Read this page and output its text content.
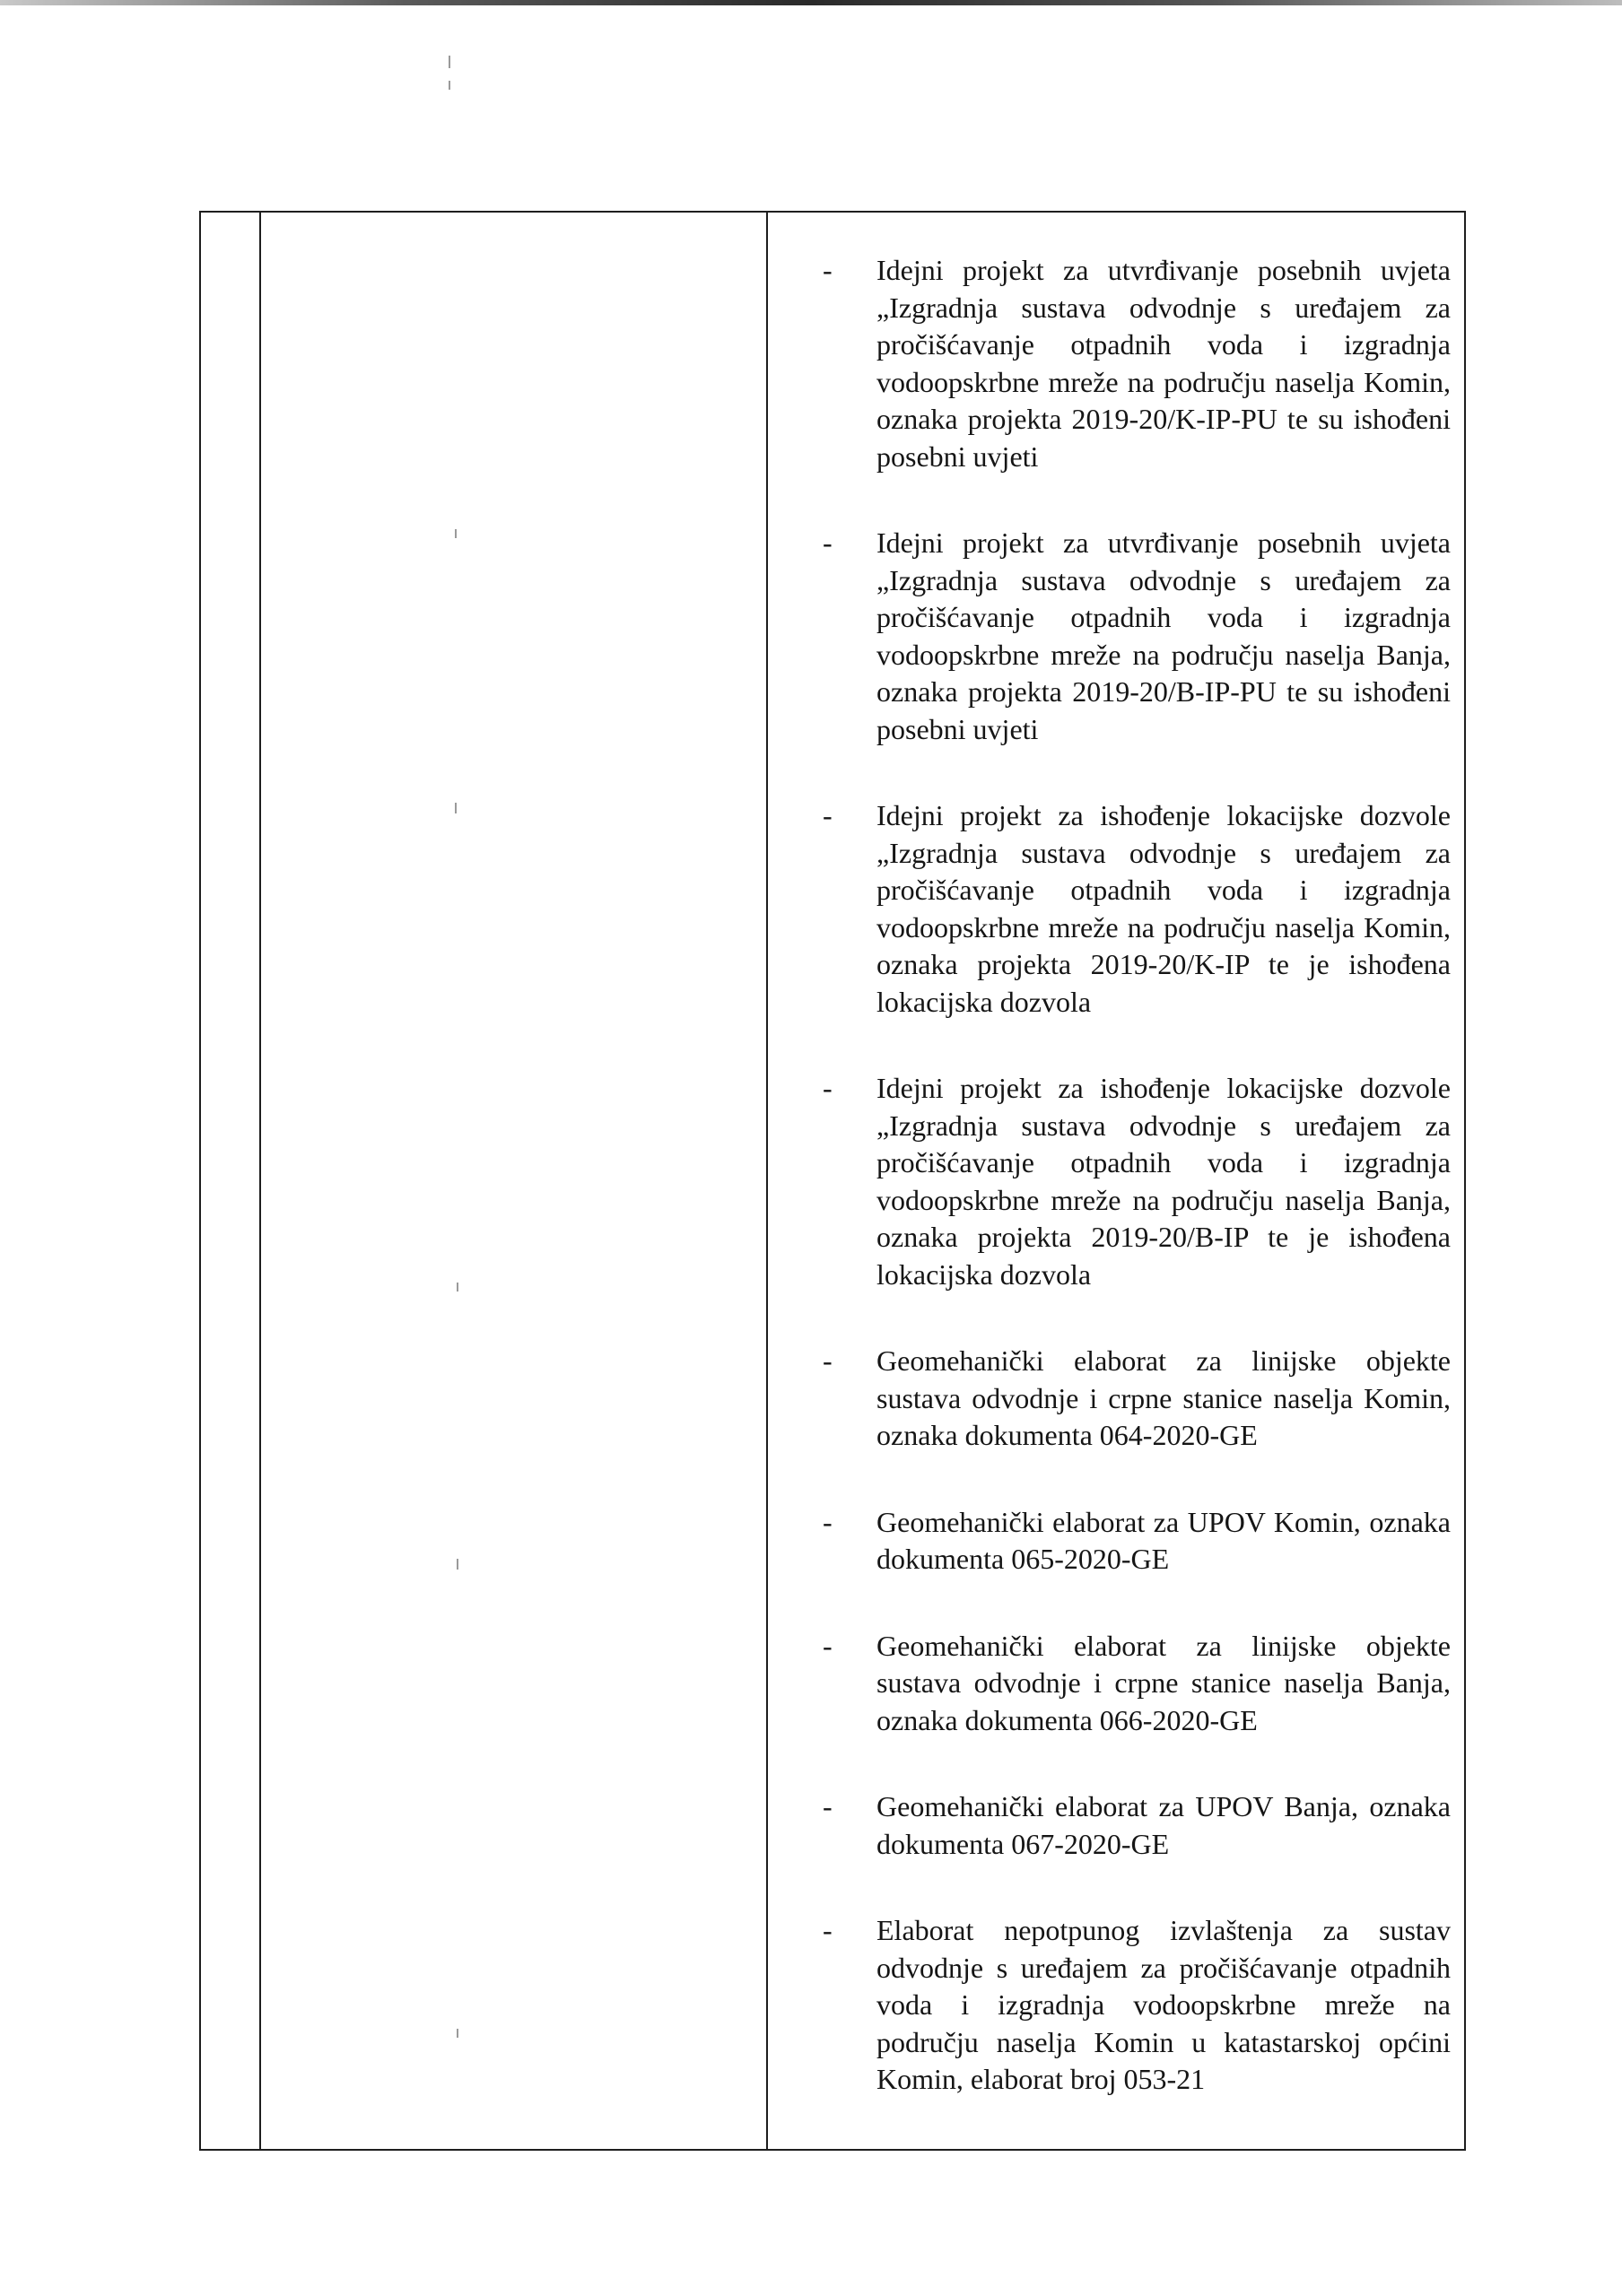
- Idejni projekt za utvrđivanje posebnih uvjeta „Izgradnja sustava odvodnje s uređajem za pročišćavanje otpadnih voda i izgradnja vodoopskrbne mreže na području naselja Komin, oznaka projekta 2019-20/K-IP-PU te su ishođeni posebni uvjeti
- Idejni projekt za utvrđivanje posebnih uvjeta „Izgradnja sustava odvodnje s uređajem za pročišćavanje otpadnih voda i izgradnja vodoopskrbne mreže na području naselja Banja, oznaka projekta 2019-20/B-IP-PU te su ishođeni posebni uvjeti
- Idejni projekt za ishođenje lokacijske dozvole „Izgradnja sustava odvodnje s uređajem za pročišćavanje otpadnih voda i izgradnja vodoopskrbne mreže na području naselja Komin, oznaka projekta 2019-20/K-IP te je ishođena lokacijska dozvola
- Idejni projekt za ishođenje lokacijske dozvole „Izgradnja sustava odvodnje s uređajem za pročišćavanje otpadnih voda i izgradnja vodoopskrbne mreže na području naselja Banja, oznaka projekta 2019-20/B-IP te je ishođena lokacijska dozvola
- Geomehanički elaborat za linijske objekte sustava odvodnje i crpne stanice naselja Komin, oznaka dokumenta 064-2020-GE
- Geomehanički elaborat za UPOV Komin, oznaka dokumenta 065-2020-GE
- Geomehanički elaborat za linijske objekte sustava odvodnje i crpne stanice naselja Banja, oznaka dokumenta 066-2020-GE
- Geomehanički elaborat za UPOV Banja, oznaka dokumenta 067-2020-GE
- Elaborat nepotpunog izvlaštenja za sustav odvodnje s uređajem za pročišćavanje otpadnih voda i izgradnja vodoopskrbne mreže na području naselja Komin u katastarskoj općini Komin, elaborat broj 053-21
